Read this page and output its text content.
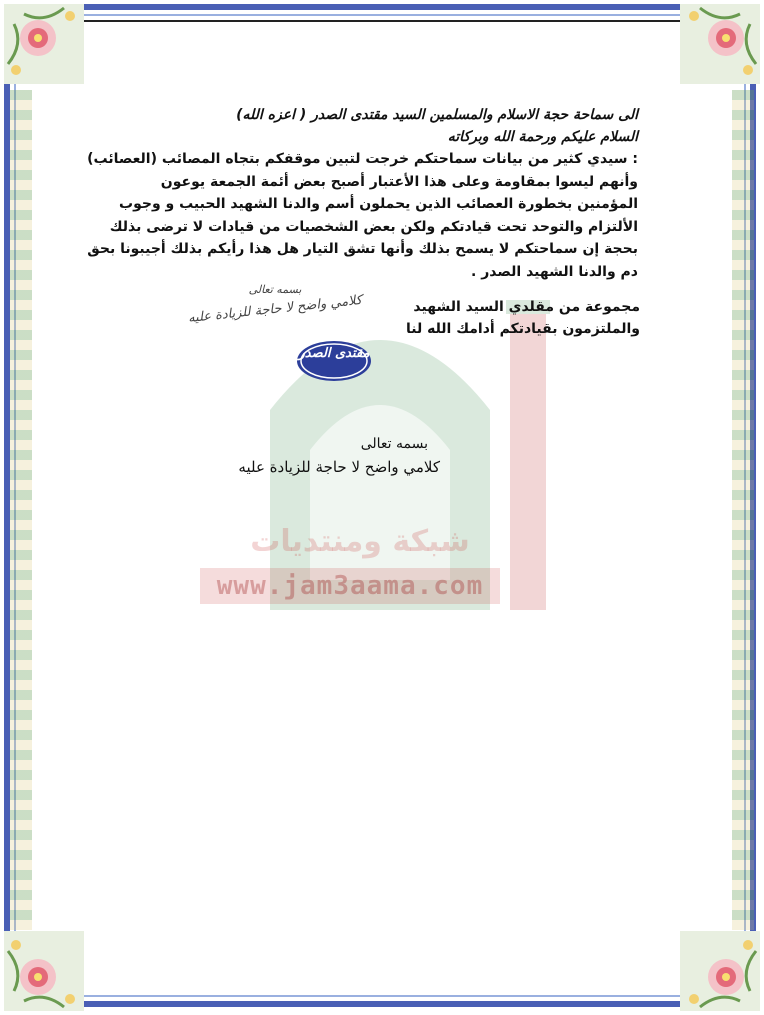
شبكة ومنتديات
www.jam3aama.com
الى سماحة حجة الاسلام والمسلمين السيد مقتدى الصدر ( اعزه الله)
السلام عليكم ورحمة الله وبركاته
: سيدي كثير من بيانات سماحتكم خرجت لتبين موقفكم بتجاه المصائب (العصائب)
وأنهم ليسوا بمقاومة وعلى هذا الأعتبار أصبح بعض أئمة الجمعة يوعون
المؤمنين بخطورة العصائب الذين يحملون أسم والدنا الشهيد الحبيب و وجوب
الألتزام والتوحد تحت قيادتكم ولكن بعض الشخصيات من قيادات لا ترضى بذلك
بحجة إن سماحتكم لا يسمح بذلك وأنها تشق التيار هل هذا رأيكم بذلك أجيبونا بحق
دم والدنا الشهيد الصدر .
مجموعة من مقلدي السيد الشهيد
والملتزمون بقيادتكم أدامك الله لنا
بسمه تعالى
كلامي واضح لا حاجة للزيادة عليه
مقتدى الصدر
بسمه تعالى
كلامي واضح لا حاجة للزيادة عليه
